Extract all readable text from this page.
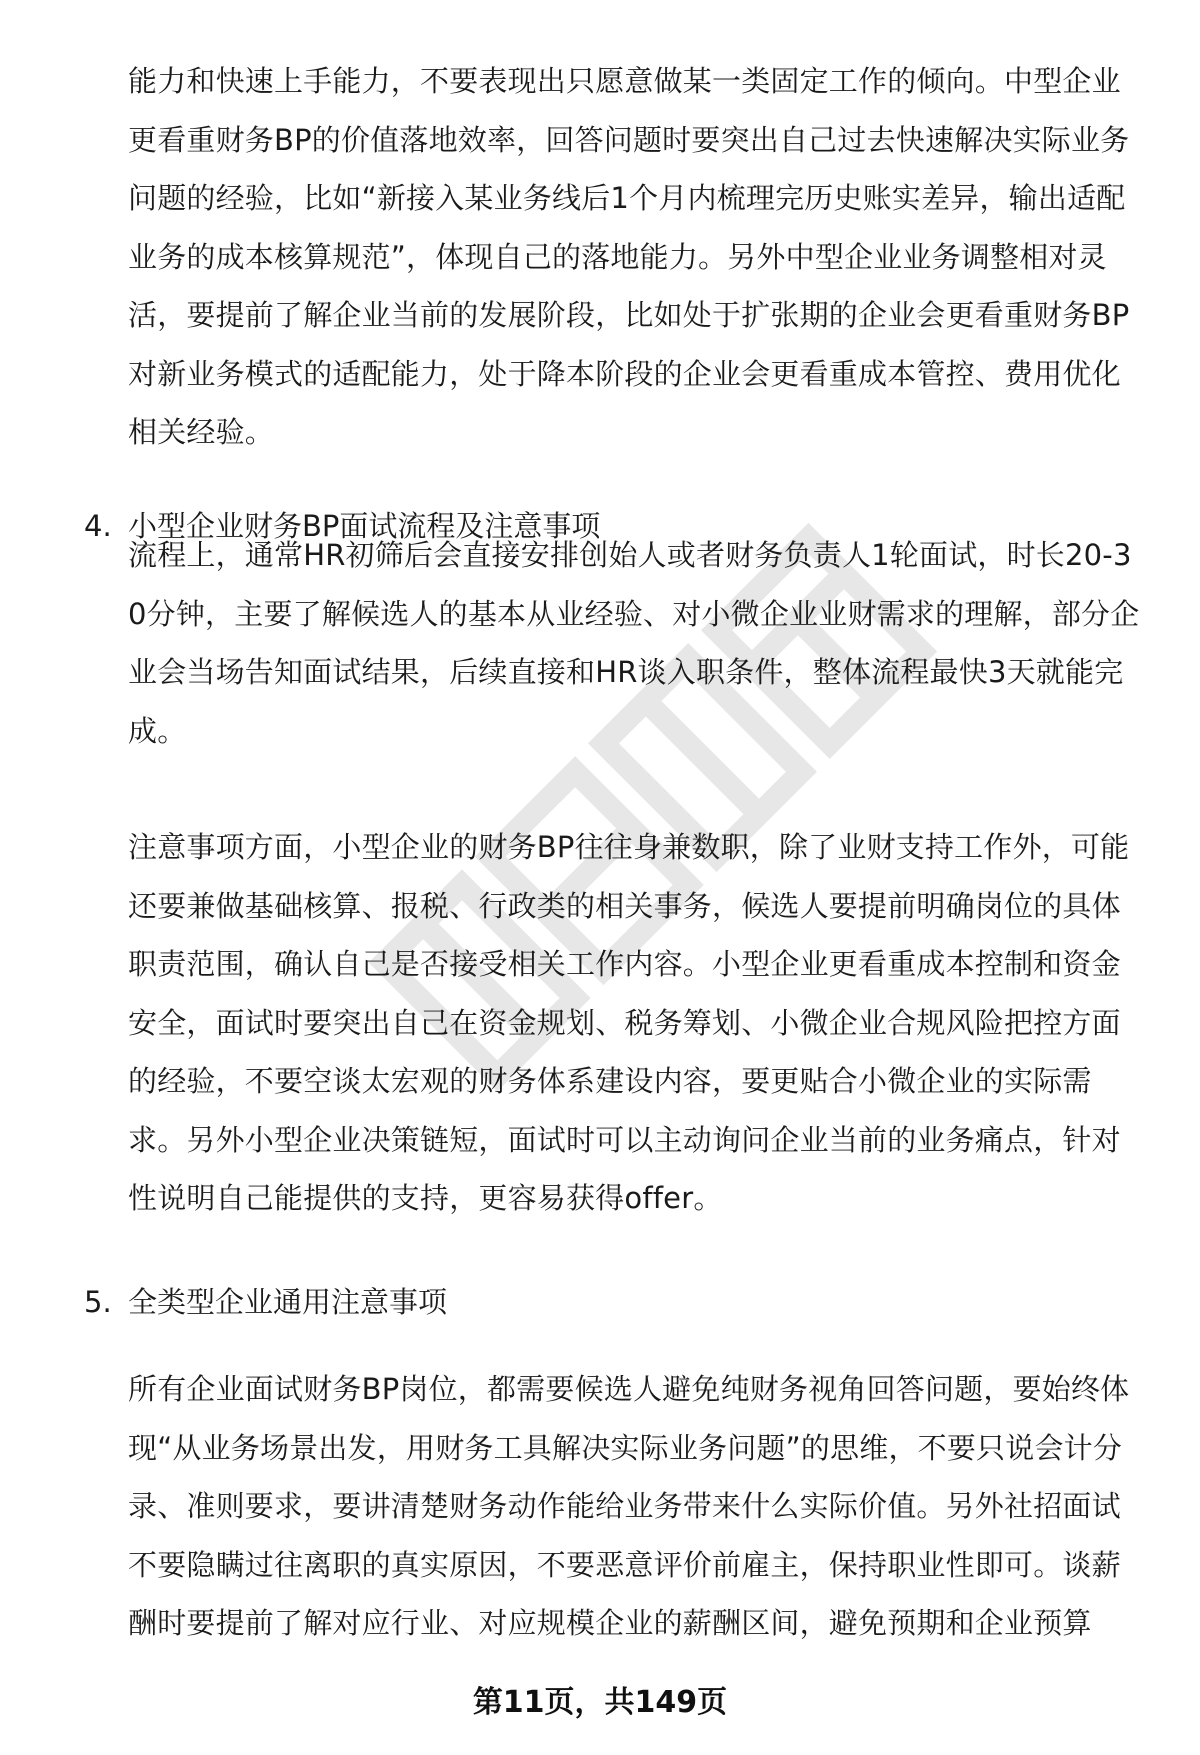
能力和快速上手能力，不要表现出只愿意做某一类固定工作的倾向。中型企业更看重财务BP的价值落地效率，回答问题时要突出自己过去快速解决实际业务问题的经验，比如“新接入某业务线后1个月内梳理完历史账实差异，输出适配业务的成本核算规范”，体现自己的落地能力。另外中型企业业务调整相对灵活，要提前了解企业当前的发展阶段，比如处于扩张期的企业会更看重财务BP对新业务模式的适配能力，处于降本阶段的企业会更看重成本管控、费用优化相关经验。

4. 小型企业财务BP面试流程及注意事项

流程上，通常HR初筛后会直接安排创始人或者财务负责人1轮面试，时长20-30分钟，主要了解候选人的基本从业经验、对小微企业业财需求的理解，部分企业会当场告知面试结果，后续直接和HR谈入职条件，整体流程最快3天就能完成。

注意事项方面，小型企业的财务BP往往身兼数职，除了业财支持工作外，可能还要兼做基础核算、报税、行政类的相关事务，候选人要提前明确岗位的具体职责范围，确认自己是否接受相关工作内容。小型企业更看重成本控制和资金安全，面试时要突出自己在资金规划、税务筹划、小微企业合规风险把控方面的经验，不要空谈太宏观的财务体系建设内容，要更贴合小微企业的实际需求。另外小型企业决策链短，面试时可以主动询问企业当前的业务痛点，针对性说明自己能提供的支持，更容易获得offer。

5. 全类型企业通用注意事项

所有企业面试财务BP岗位，都需要候选人避免纯财务视角回答问题，要始终体现“从业务场景出发，用财务工具解决实际业务问题”的思维，不要只说会计分录、准则要求，要讲清楚财务动作能给业务带来什么实际价值。另外社招面试不要隐瞒过往离职的真实原因，不要恶意评价前雇主，保持职业性即可。谈薪酬时要提前了解对应行业、对应规模企业的薪酬区间，避免预期和企业预算

第11页，共149页
